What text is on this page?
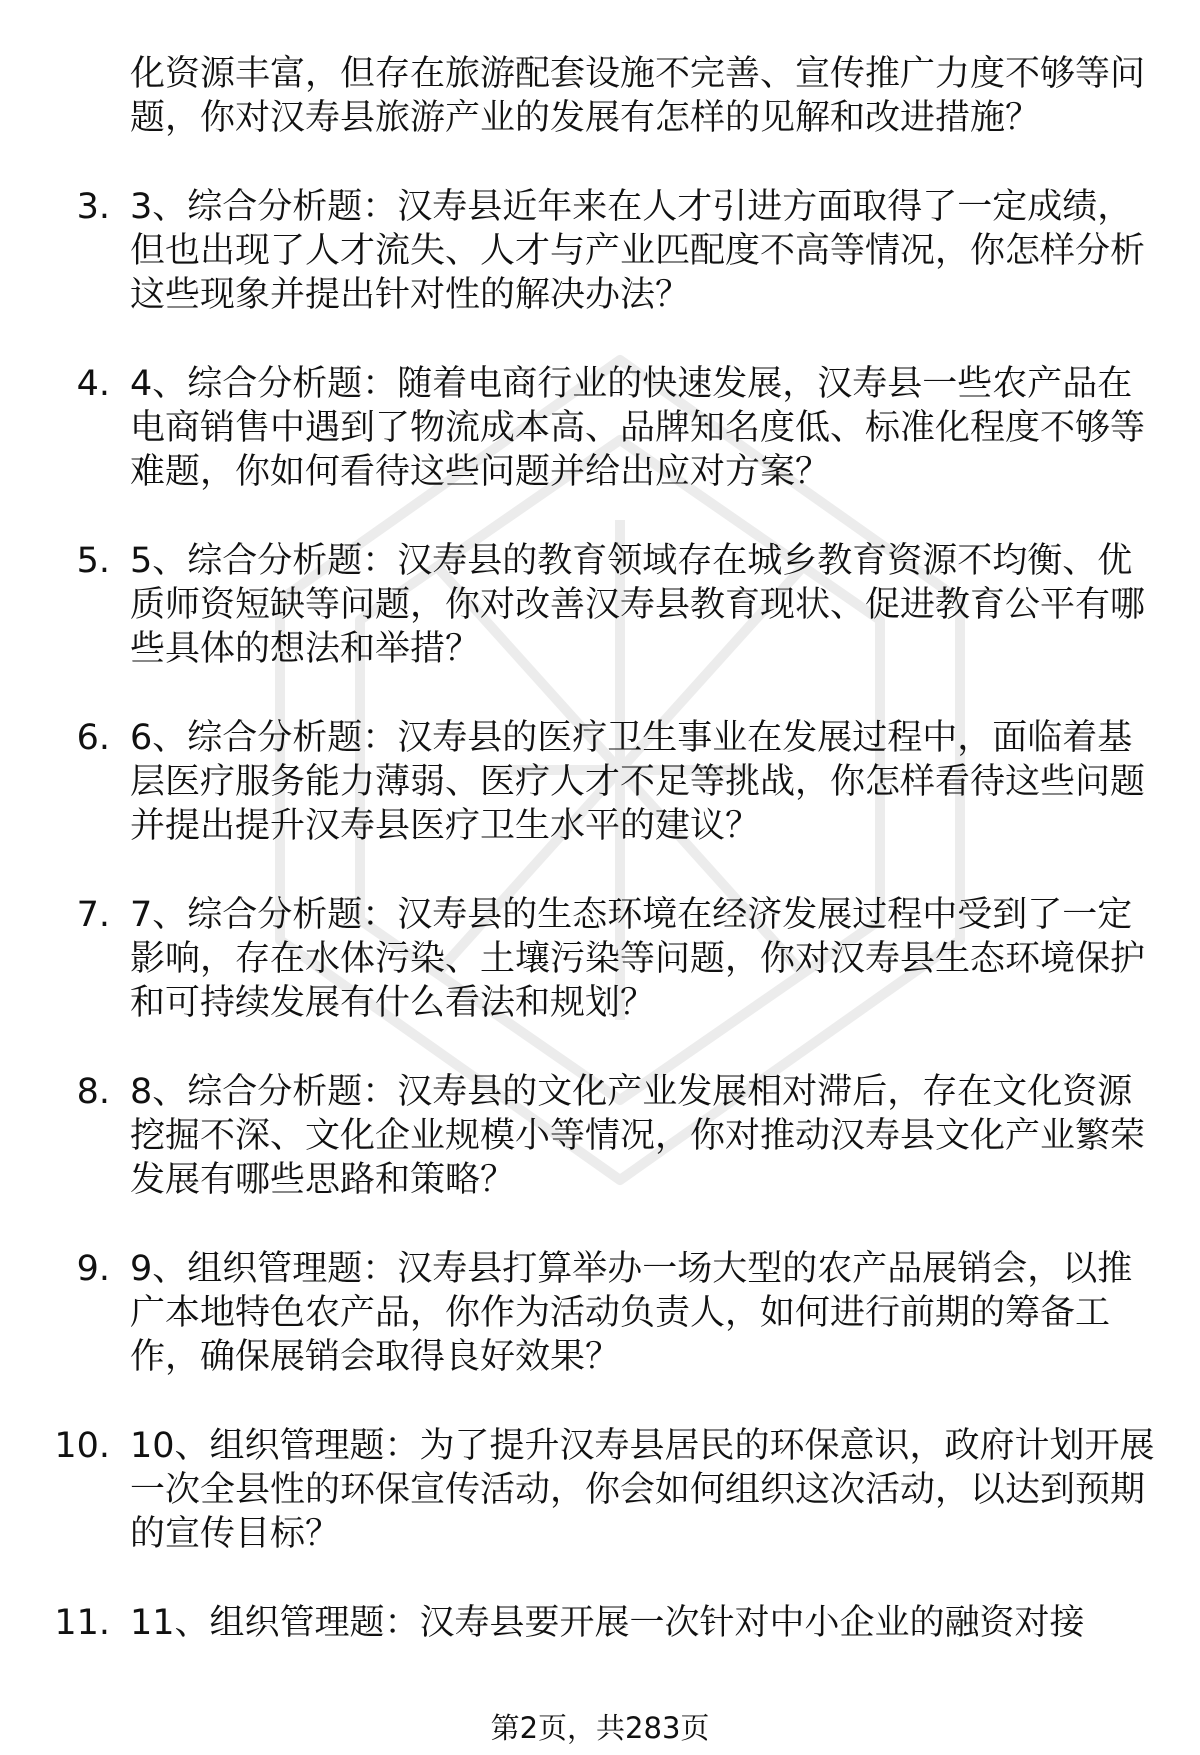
化资源丰富，但存在旅游配套设施不完善、宣传推广力度不够等问题，你对汉寿县旅游产业的发展有怎样的见解和改进措施？
3. 3、综合分析题：汉寿县近年来在人才引进方面取得了一定成绩，但也出现了人才流失、人才与产业匹配度不高等情况，你怎样分析这些现象并提出针对性的解决办法？
4. 4、综合分析题：随着电商行业的快速发展，汉寿县一些农产品在电商销售中遇到了物流成本高、品牌知名度低、标准化程度不够等难题，你如何看待这些问题并给出应对方案？
5. 5、综合分析题：汉寿县的教育领域存在城乡教育资源不均衡、优质师资短缺等问题，你对改善汉寿县教育现状、促进教育公平有哪些具体的想法和举措？
6. 6、综合分析题：汉寿县的医疗卫生事业在发展过程中，面临着基层医疗服务能力薄弱、医疗人才不足等挑战，你怎样看待这些问题并提出提升汉寿县医疗卫生水平的建议？
7. 7、综合分析题：汉寿县的生态环境在经济发展过程中受到了一定影响，存在水体污染、土壤污染等问题，你对汉寿县生态环境保护和可持续发展有什么看法和规划？
8. 8、综合分析题：汉寿县的文化产业发展相对滞后，存在文化资源挖掘不深、文化企业规模小等情况，你对推动汉寿县文化产业繁荣发展有哪些思路和策略？
9. 9、组织管理题：汉寿县打算举办一场大型的农产品展销会，以推广本地特色农产品，你作为活动负责人，如何进行前期的筹备工作，确保展销会取得良好效果？
10. 10、组织管理题：为了提升汉寿县居民的环保意识，政府计划开展一次全县性的环保宣传活动，你会如何组织这次活动，以达到预期的宣传目标？
11. 11、组织管理题：汉寿县要开展一次针对中小企业的融资对接
第2页，共283页
